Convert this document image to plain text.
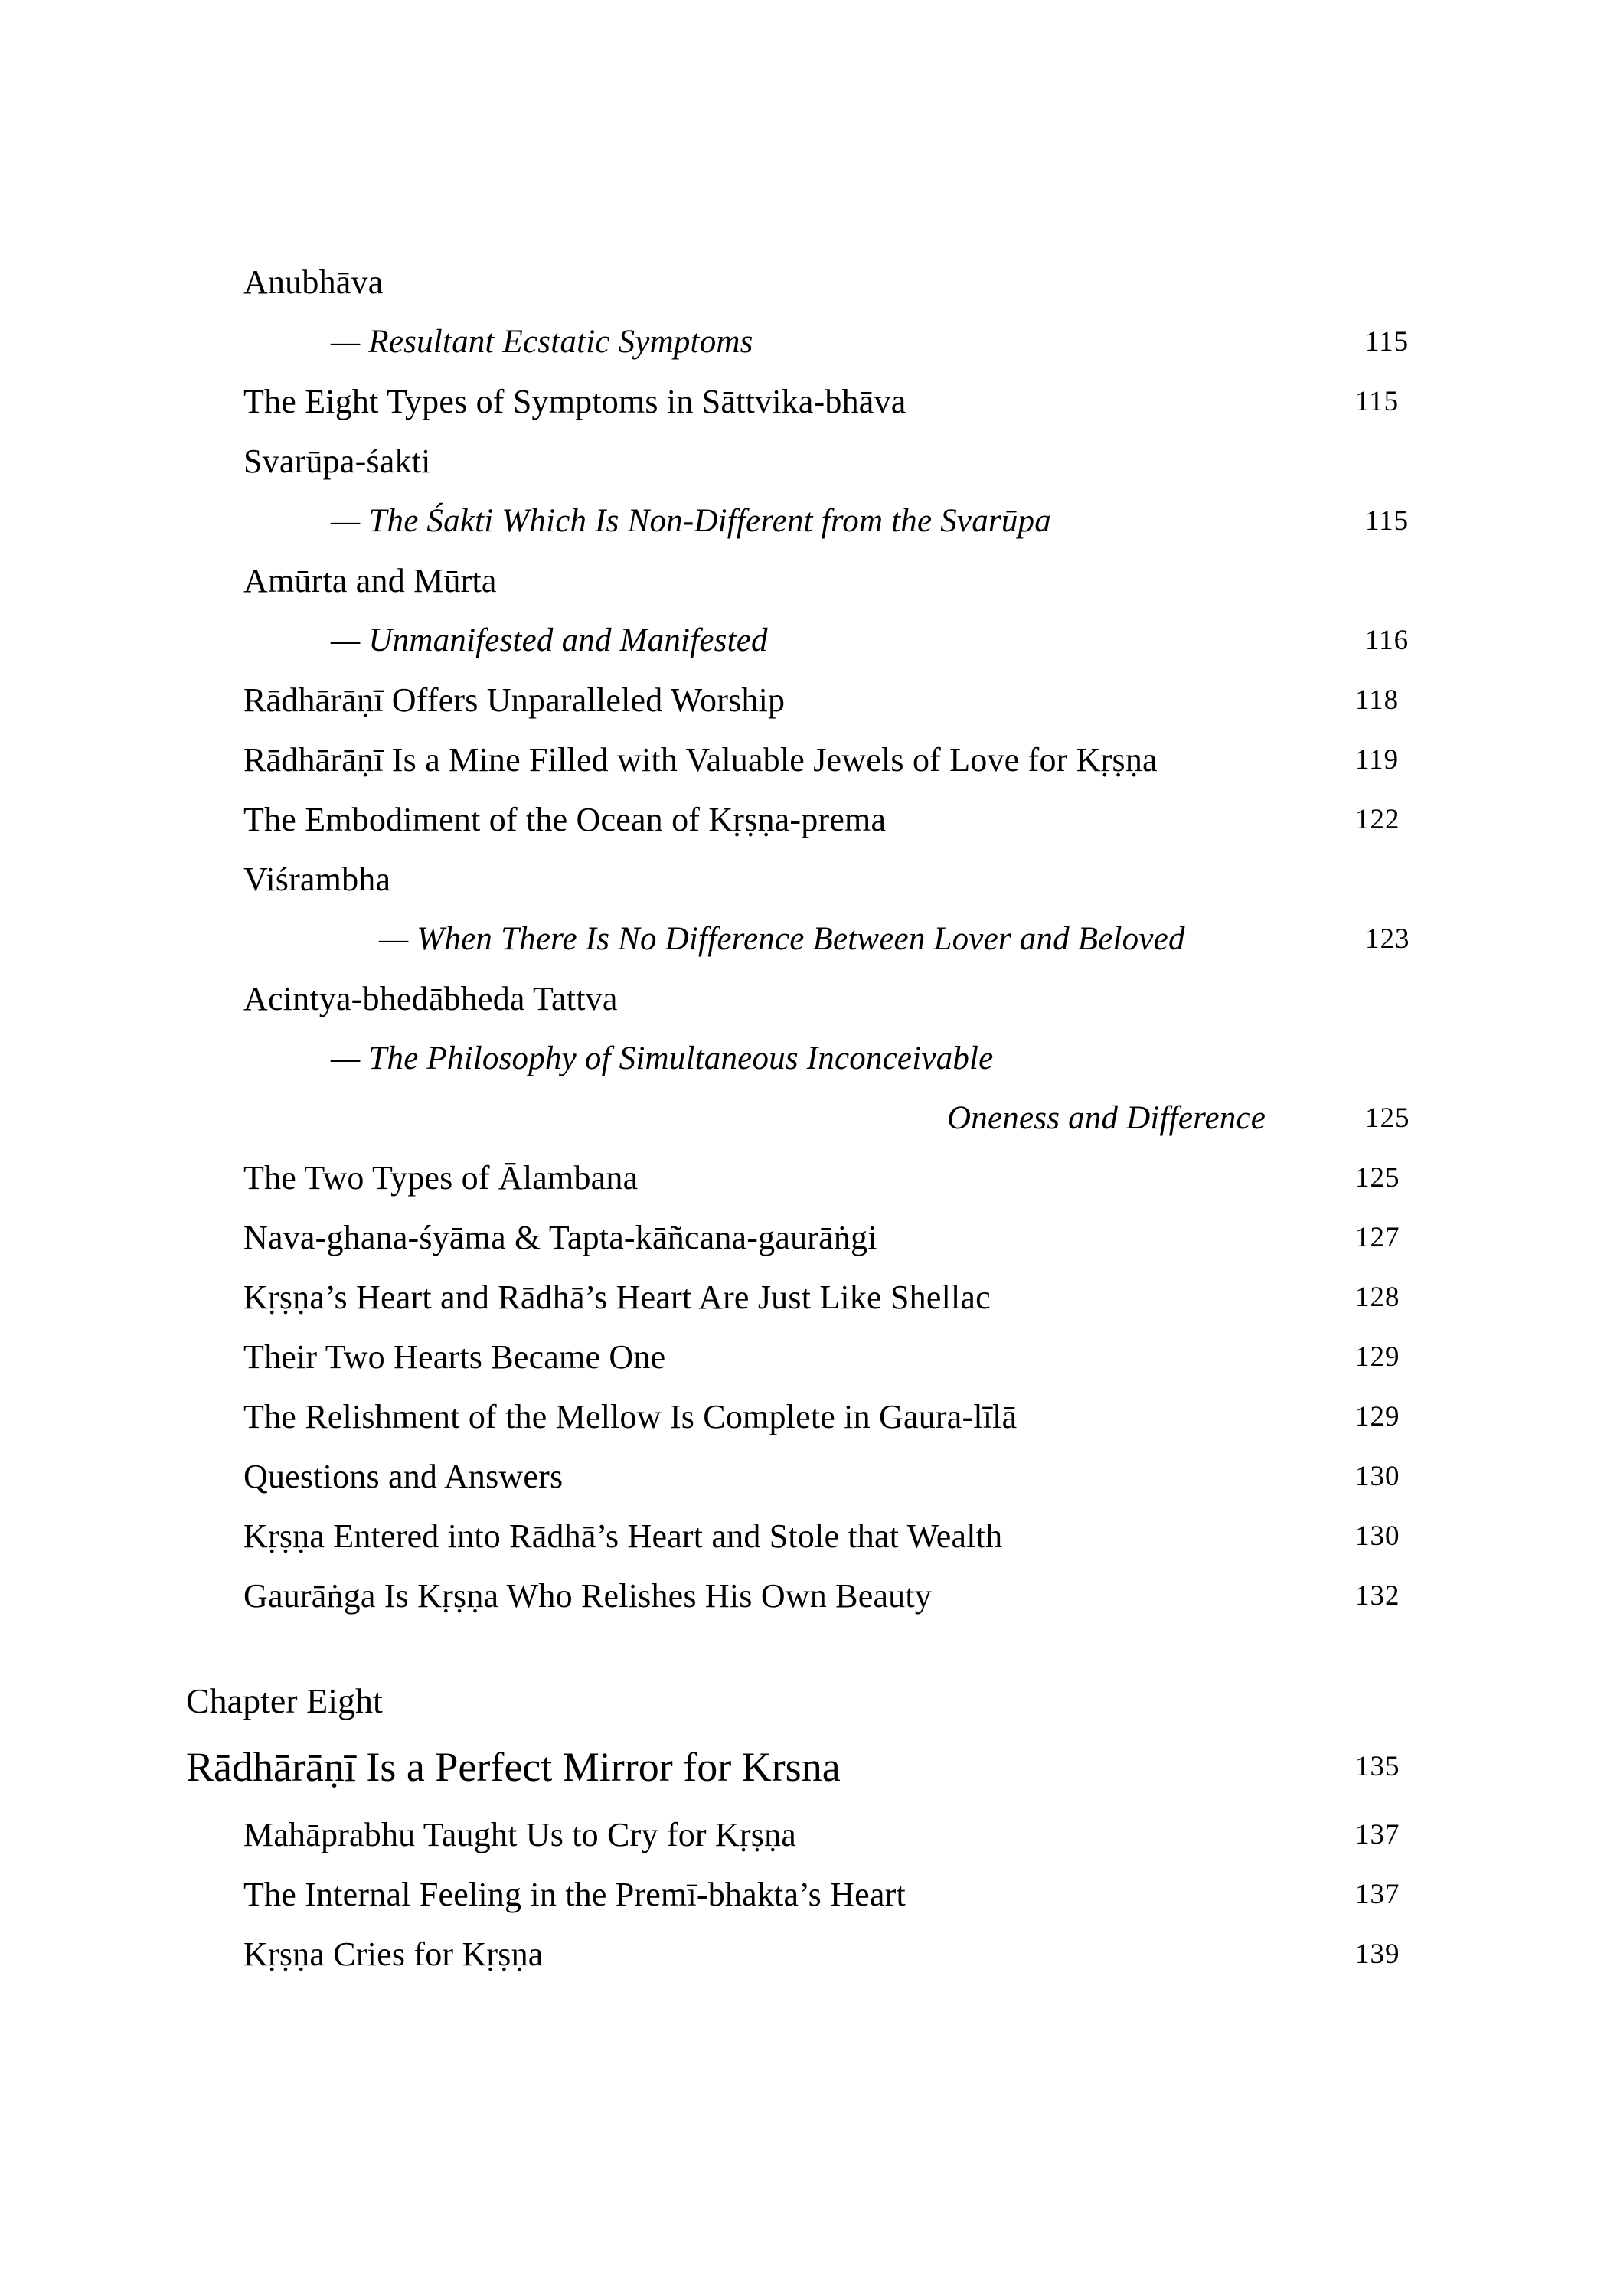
Anubhāva
— Resultant Ecstatic Symptoms	115
The Eight Types of Symptoms in Sāttvika-bhāva	115
Svarūpa-śakti
— The Śakti Which Is Non-Different from the Svarūpa	115
Amūrta and Mūrta
— Unmanifested and Manifested	116
Rādhārāṇī Offers Unparalleled Worship	118
Rādhārāṇī Is a Mine Filled with Valuable Jewels of Love for Kṛṣṇa	119
The Embodiment of the Ocean of Kṛṣṇa-prema	122
Viśrambha
— When There Is No Difference Between Lover and Beloved	123
Acintya-bhedābheda Tattva
— The Philosophy of Simultaneous Inconceivable
Oneness and Difference	125
The Two Types of Ālambana	125
Nava-ghana-śyāma & Tapta-kāñcana-gaurāṅgi	127
Kṛṣṇa’s Heart and Rādhā’s Heart Are Just Like Shellac	128
Their Two Hearts Became One	129
The Relishment of the Mellow Is Complete in Gaura-līlā	129
Questions and Answers	130
Kṛṣṇa Entered into Rādhā’s Heart and Stole that Wealth	130
Gaurāṅga Is Kṛṣṇa Who Relishes His Own Beauty	132
Chapter Eight
Rādhārāṇī Is a Perfect Mirror for Krsna	135
Mahāprabhu Taught Us to Cry for Kṛṣṇa	137
The Internal Feeling in the Premī-bhakta’s Heart	137
Kṛṣṇa Cries for Kṛṣṇa	139
